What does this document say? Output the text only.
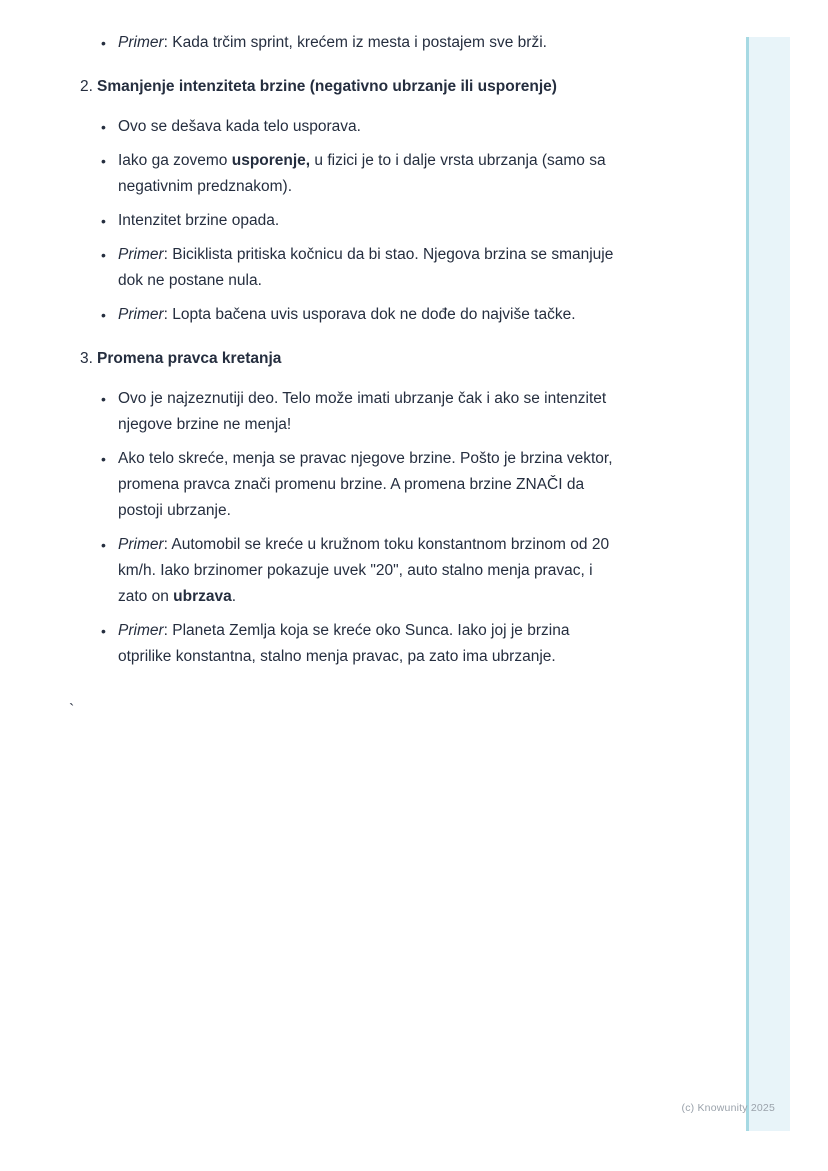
• Primer: Kada trčim sprint, krećem iz mesta i postajem sve brži.
2. Smanjenje intenziteta brzine (negativno ubrzanje ili usporenje)
• Ovo se dešava kada telo usporava.
• Iako ga zovemo usporenje, u fizici je to i dalje vrsta ubrzanja (samo sa negativnim predznakom).
• Intenzitet brzine opada.
• Primer: Biciklista pritiska kočnicu da bi stao. Njegova brzina se smanjuje dok ne postane nula.
• Primer: Lopta bačena uvis usporava dok ne dođe do najviše tačke.
3. Promena pravca kretanja
• Ovo je najzeznutiji deo. Telo može imati ubrzanje čak i ako se intenzitet njegove brzine ne menja!
• Ako telo skreće, menja se pravac njegove brzine. Pošto je brzina vektor, promena pravca znači promenu brzine. A promena brzine ZNAČI da postoji ubrzanje.
• Primer: Automobil se kreće u kružnom toku konstantnom brzinom od 20 km/h. Iako brzinomer pokazuje uvek "20", auto stalno menja pravac, i zato on ubrzava.
• Primer: Planeta Zemlja koja se kreće oko Sunca. Iako joj je brzina otprilike konstantna, stalno menja pravac, pa zato ima ubrzanje.
`
(c) Knowunity 2025
